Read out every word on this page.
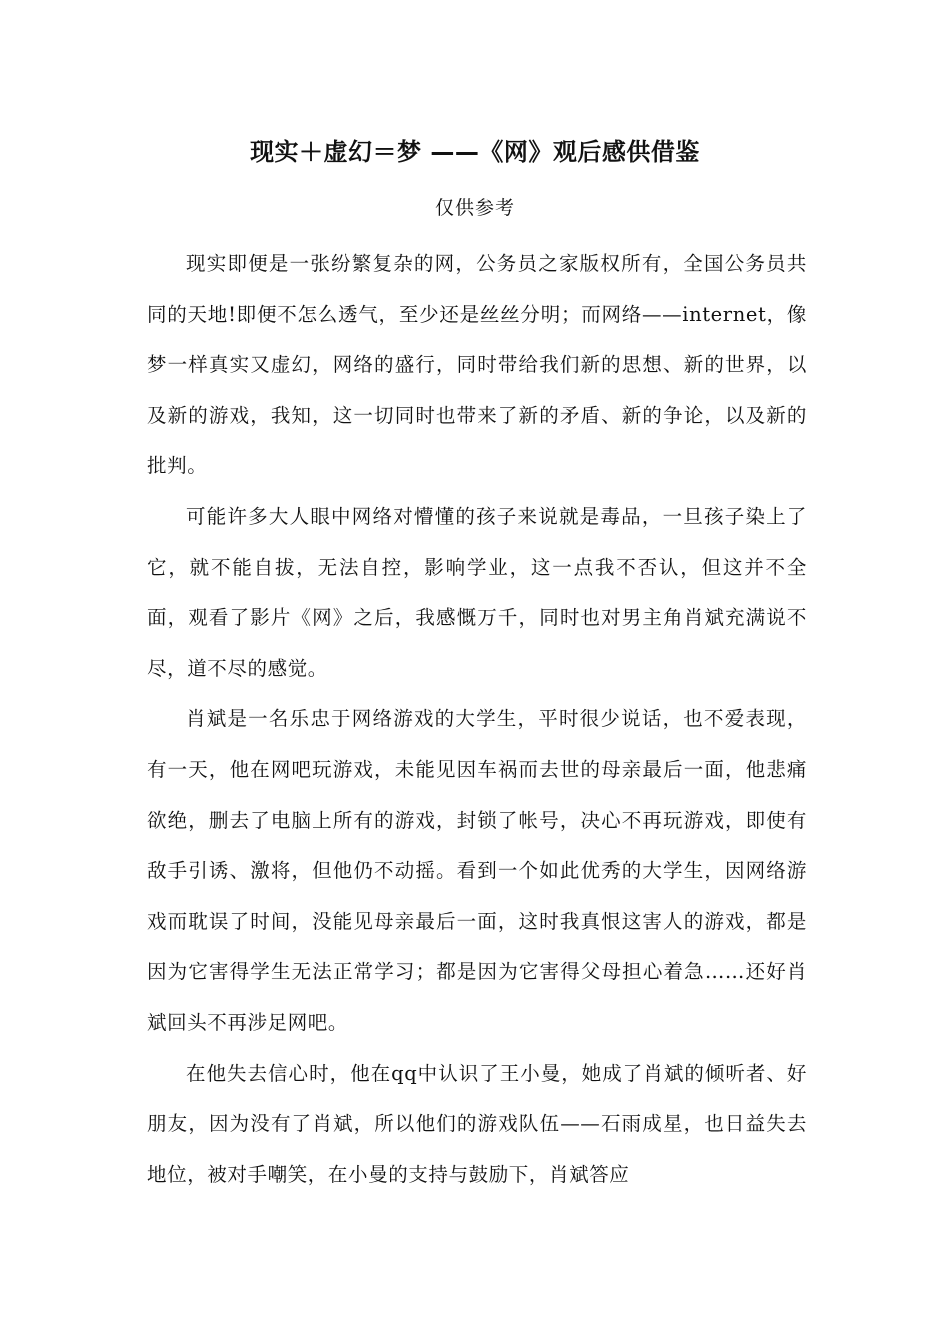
现实＋虚幻＝梦 ——《网》观后感供借鉴
仅供参考

现实即便是一张纷繁复杂的网，公务员之家版权所有，全国公务员共同的天地!即便不怎么透气，至少还是丝丝分明；而网络——internet，像梦一样真实又虚幻，网络的盛行，同时带给我们新的思想、新的世界，以及新的游戏，我知，这一切同时也带来了新的矛盾、新的争论，以及新的批判。

可能许多大人眼中网络对懵懂的孩子来说就是毒品，一旦孩子染上了它，就不能自拔，无法自控，影响学业，这一点我不否认，但这并不全面，观看了影片《网》之后，我感慨万千，同时也对男主角肖斌充满说不尽，道不尽的感觉。

肖斌是一名乐忠于网络游戏的大学生，平时很少说话，也不爱表现，有一天，他在网吧玩游戏，未能见因车祸而去世的母亲最后一面，他悲痛欲绝，删去了电脑上所有的游戏，封锁了帐号，决心不再玩游戏，即使有敌手引诱、激将，但他仍不动摇。看到一个如此优秀的大学生，因网络游戏而耽误了时间，没能见母亲最后一面，这时我真恨这害人的游戏，都是因为它害得学生无法正常学习；都是因为它害得父母担心着急……还好肖斌回头不再涉足网吧。

在他失去信心时，他在qq中认识了王小曼，她成了肖斌的倾听者、好朋友，因为没有了肖斌，所以他们的游戏队伍——石雨成星，也日益失去地位，被对手嘲笑，在小曼的支持与鼓励下，肖斌答应
